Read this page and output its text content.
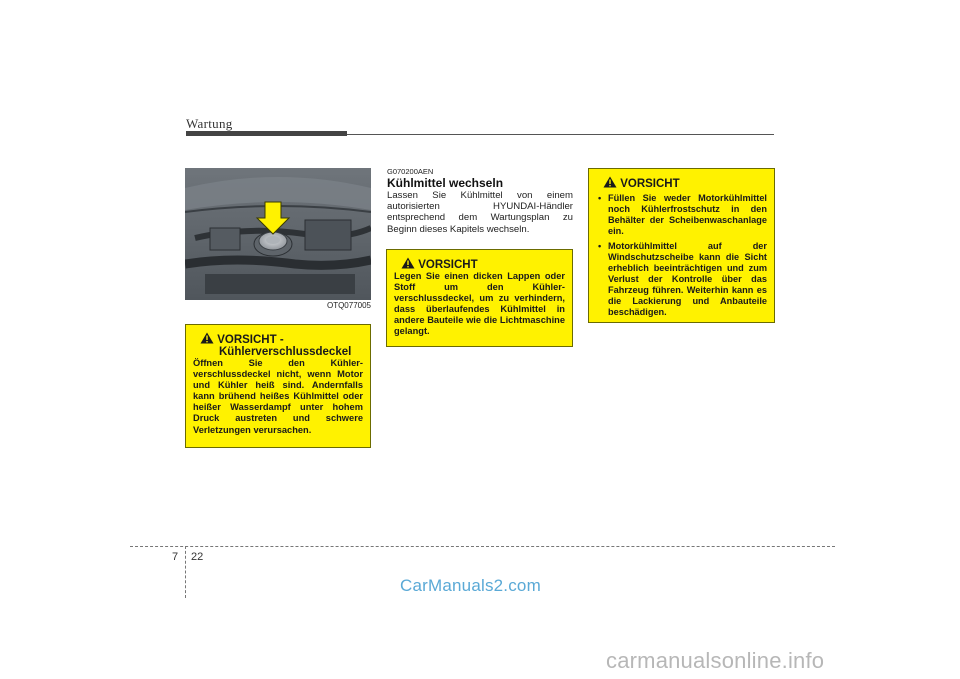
Wartung
OTQ077005
VORSICHT -
Kühlerverschlussdeckel
Öffnen Sie den Kühler- verschlussdeckel nicht, wenn Motor und Kühler heiß sind. Andernfalls kann brühend heißes Kühlmittel oder heißer Wasserdampf unter hohem Druck austreten und schwere Verletzungen verursachen.
G070200AEN
Kühlmittel wechseln
Lassen Sie Kühlmittel von einem autorisierten HYUNDAI-Händler entsprechend dem Wartungsplan zu Beginn dieses Kapitels wechseln.
VORSICHT
Legen Sie einen dicken Lappen oder Stoff um den Kühler- verschlussdeckel, um zu verhindern, dass überlaufendes Kühlmittel in andere Bauteile wie die Lichtmaschine gelangt.
VORSICHT
• Füllen Sie weder Motorkühlmittel noch Kühlerfrostschutz in den Behälter der Scheibenwaschanlage ein.
• Motorkühlmittel auf der Windschutzscheibe kann die Sicht erheblich beeinträchtigen und zum Verlust der Kontrolle über das Fahrzeug führen. Weiterhin kann es die Lackierung und Anbauteile beschädigen.
7 22
CarManuals2.com
carmanualsonline.info
